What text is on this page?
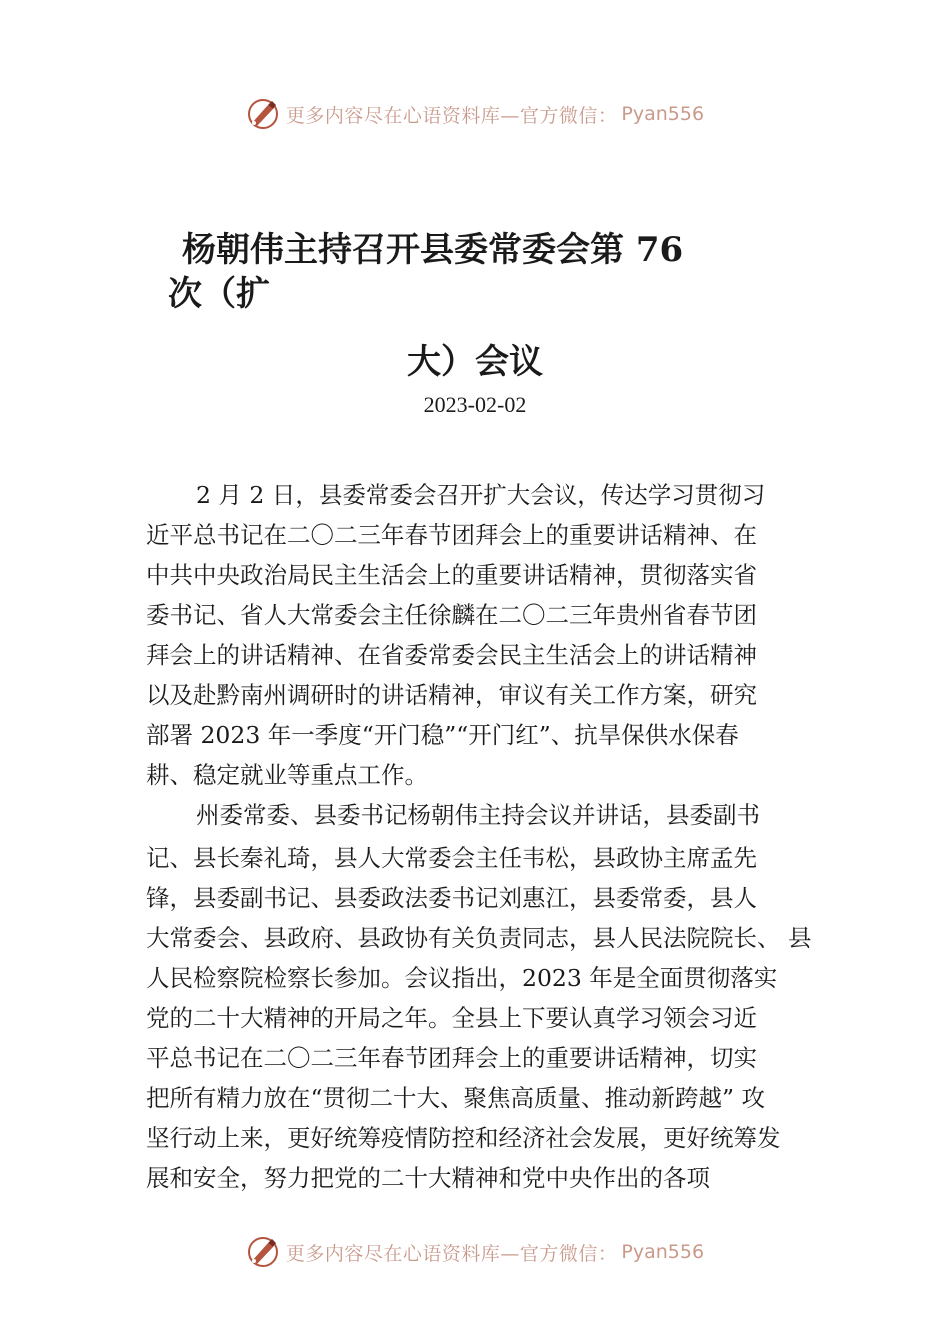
更多内容尽在心语资料库—官方微信： Pyan556
杨朝伟主持召开县委常委会第 76
次（扩
大）会议
2023-02-02
2 月 2 日，县委常委会召开扩大会议，传达学习贯彻习
近平总书记在二〇二三年春节团拜会上的重要讲话精神、在
中共中央政治局民主生活会上的重要讲话精神，贯彻落实省
委书记、省人大常委会主任徐麟在二〇二三年贵州省春节团
拜会上的讲话精神、在省委常委会民主生活会上的讲话精神
以及赴黔南州调研时的讲话精神，审议有关工作方案，研究
部署 2023 年一季度“开门稳”“开门红”、抗旱保供水保春
耕、稳定就业等重点工作。
州委常委、县委书记杨朝伟主持会议并讲话，县委副书
记、县长秦礼琦，县人大常委会主任韦松，县政协主席孟先
锋，县委副书记、县委政法委书记刘惠江，县委常委，县人
大常委会、县政府、县政协有关负责同志，县人民法院院长、 县
人民检察院检察长参加。会议指出，2023 年是全面贯彻落实
党的二十大精神的开局之年。全县上下要认真学习领会习近
平总书记在二〇二三年春节团拜会上的重要讲话精神，切实
把所有精力放在“贯彻二十大、聚焦高质量、推动新跨越” 攻
坚行动上来，更好统筹疫情防控和经济社会发展，更好统筹发
展和安全，努力把党的二十大精神和党中央作出的各项
更多内容尽在心语资料库—官方微信： Pyan556
